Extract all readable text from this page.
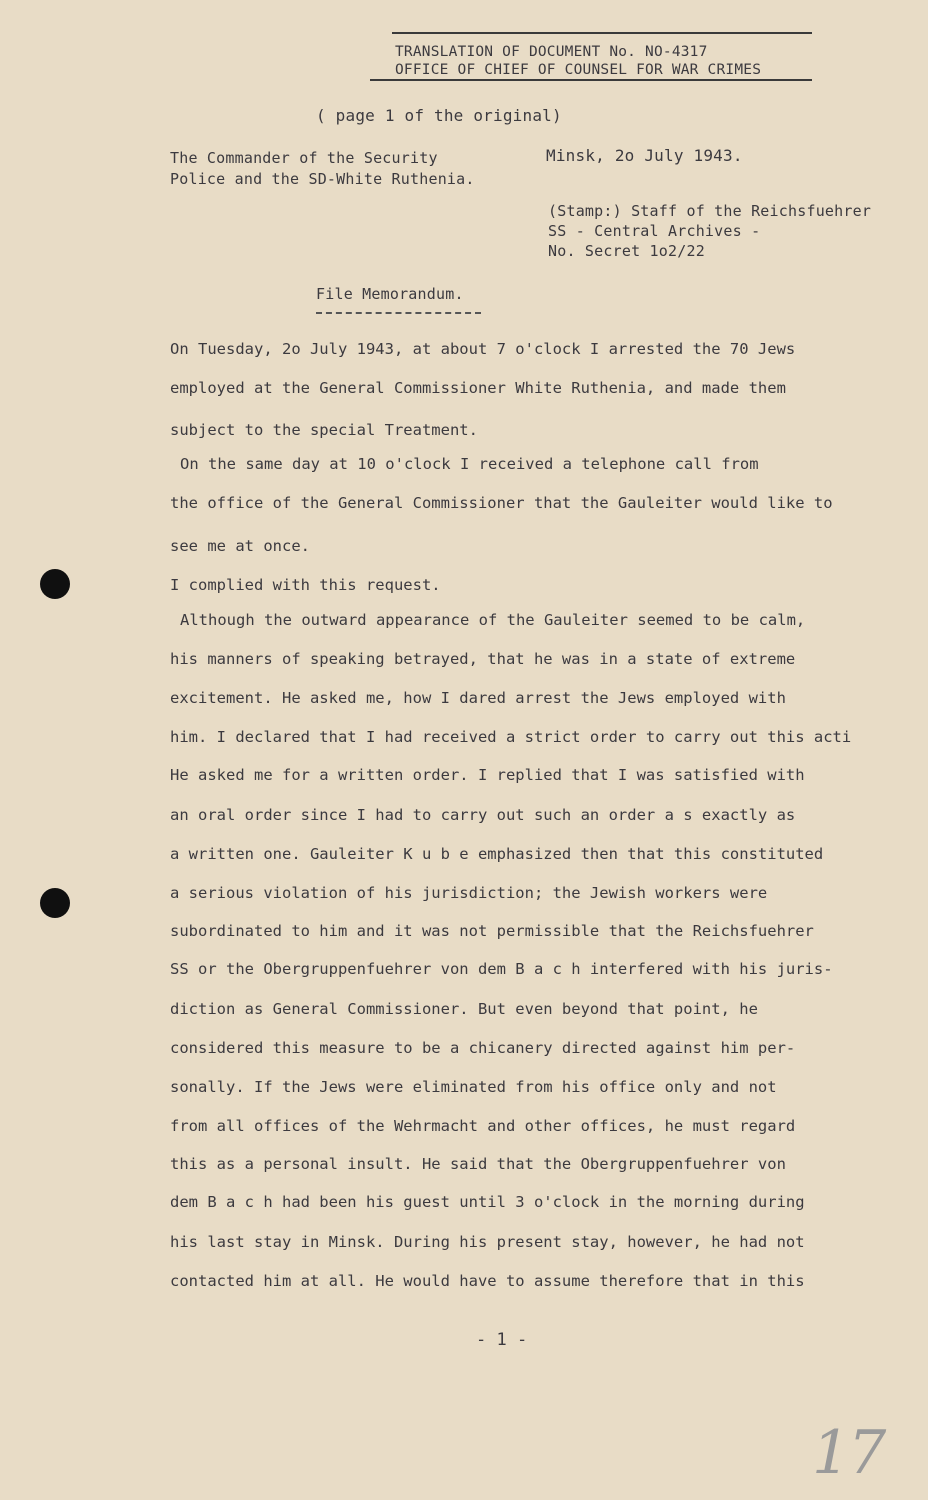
TRANSLATION OF DOCUMENT No. NO-4317
OFFICE OF CHIEF OF COUNSEL FOR WAR CRIMES
( page 1 of the original)
The Commander of the Security
Police and the SD-White Ruthenia.
Minsk, 2o July 1943.
(Stamp:) Staff of the Reichsfuehrer
SS - Central Archives -
No. Secret 1o2/22
File Memorandum.
On Tuesday, 2o July 1943, at about 7 o'clock I arrested the 70 Jews
employed at the General Commissioner White Ruthenia, and made them
subject to the special Treatment.
On the same day at 10 o'clock I received a telephone call from
the office of the General Commissioner that the Gauleiter would like to
see me at once.
I complied with this request.
Although the outward appearance of the Gauleiter seemed to be calm,
his manners of speaking betrayed, that he was in a state of extreme
excitement. He asked me, how I dared arrest the Jews employed with
him. I declared that I had received a strict order to carry out this acti
He asked me for a written order. I replied that I was satisfied with
an oral order since I had to carry out such an order a s exactly as
a written one. Gauleiter K u b e emphasized then that this constituted
a serious violation of his jurisdiction; the Jewish workers were
subordinated to him and it was not permissible that the Reichsfuehrer
SS or the Obergruppenfuehrer von dem B a c h interfered with his juris-
diction as General Commissioner. But even beyond that point, he
considered this measure to be a chicanery directed against him per-
sonally. If the Jews were eliminated from his office only and not
from all offices of the Wehrmacht and other offices, he must regard
this as a personal insult. He said that the Obergruppenfuehrer von
dem B a c h had been his guest until 3 o'clock in the morning during
his last stay in Minsk. During his present stay, however, he had not
contacted him at all. He would have to assume therefore that in this
- 1 -
17
